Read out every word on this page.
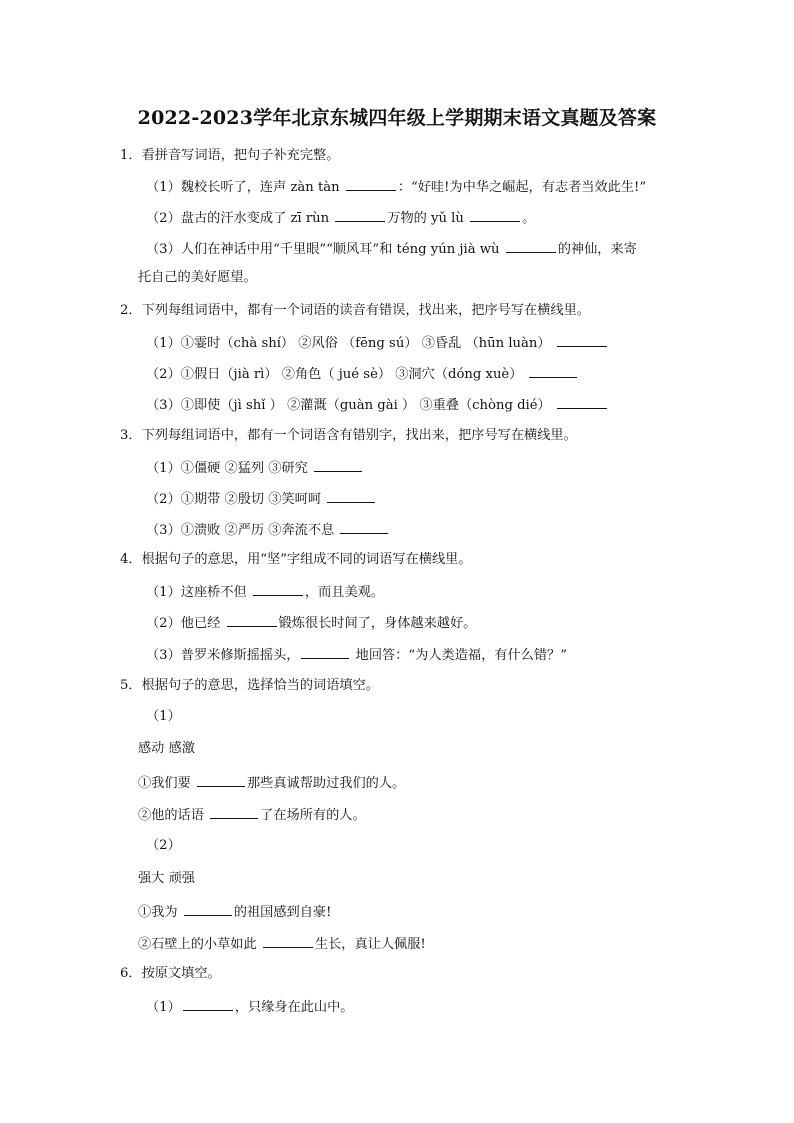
2022-2023学年北京东城四年级上学期期末语文真题及答案
1．看拼音写词语，把句子补充完整。
（1）魏校长听了，连声 zàn tàn	：“好哇!为中华之崛起，有志者当效此生!”
（2）盘古的汗水变成了 zī rùn	万物的 yǔ lù	。
（3）人们在神话中用“千里眼”“顺风耳”和 téng yún jià wù	的神仙，来寄
托自己的美好愿望。
2．下列每组词语中，都有一个词语的读音有错误，找出来，把序号写在横线里。
（1）①霎时（chà shí） ②风俗 （fēng sú） ③昏乱 （hūn luàn）
（2）①假日（jià rì） ②角色（ jué sè） ③洞穴（dóng xuè）
（3）①即使（jì shǐ ） ②灌溉（guàn gài ） ③重叠（chòng dié）
3．下列每组词语中，都有一个词语含有错别字，找出来，把序号写在横线里。
（1）①僵硬 ②猛列 ③研究
（2）①期带 ②殷切 ③笑呵呵
（3）①溃败 ②严历 ③奔流不息
4．根据句子的意思，用“坚”字组成不同的词语写在横线里。
（1）这座桥不但	，而且美观。
（2）他已经	锻炼很长时间了，身体越来越好。
（3）普罗米修斯摇摇头，	地回答：“为人类造福，有什么错？”
5．根据句子的意思，选择恰当的词语填空。
（1）
感动 感激
①我们要	那些真诚帮助过我们的人。
②他的话语	了在场所有的人。
（2）
强大 顽强
①我为	的祖国感到自豪!
②石壁上的小草如此	生长，真让人佩服!
6．按原文填空。
（1）	，只缘身在此山中。
